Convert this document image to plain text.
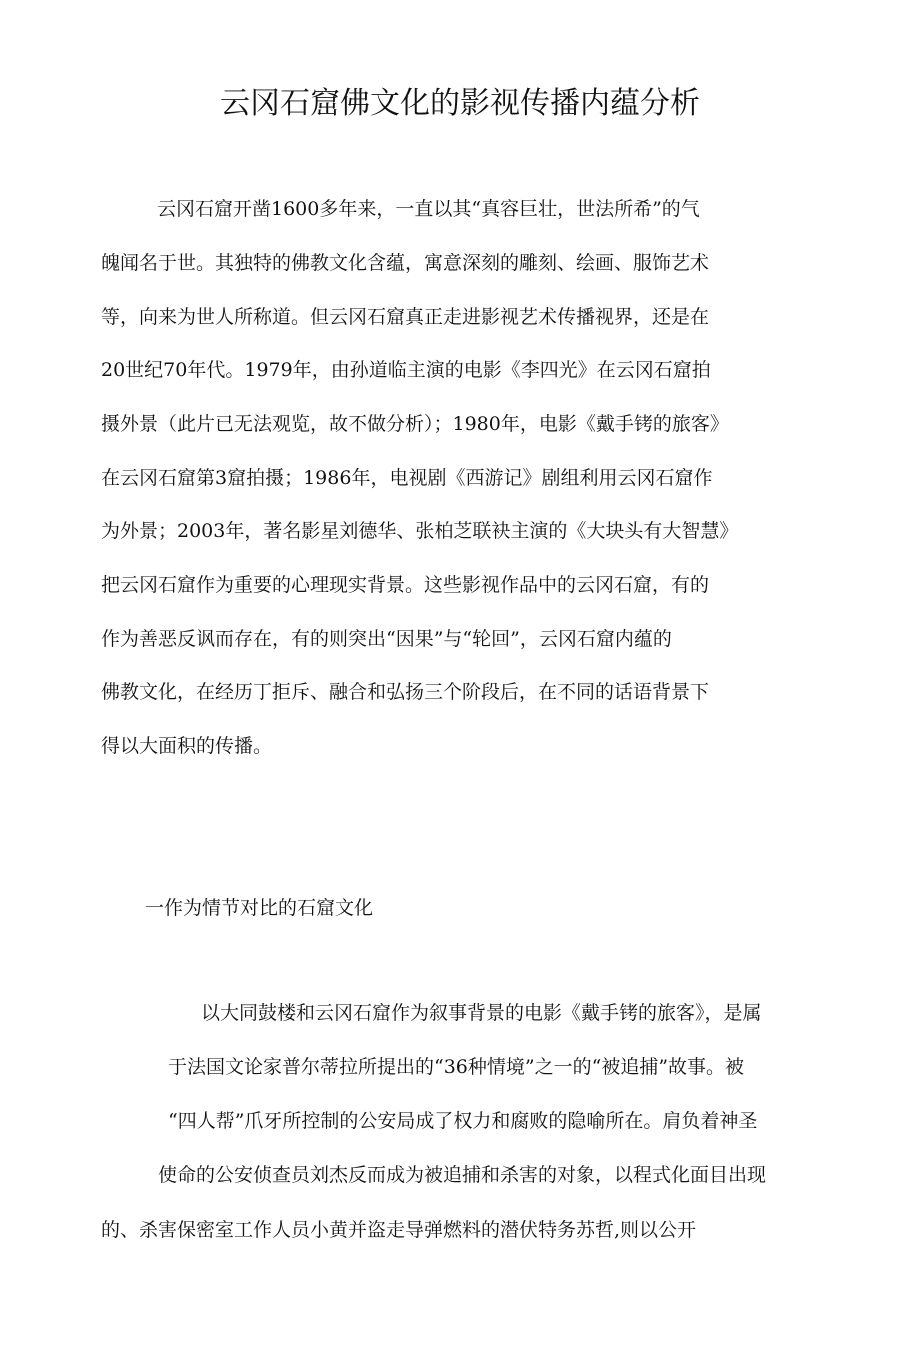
云冈石窟佛文化的影视传播内蕴分析
云冈石窟开凿1600多年来，一直以其“真容巨壮，世法所希”的气
魄闻名于世。其独特的佛教文化含蕴，寓意深刻的雕刻、绘画、服饰艺术
等，向来为世人所称道。但云冈石窟真正走进影视艺术传播视界，还是在
20世纪70年代。1979年，由孙道临主演的电影《李四光》在云冈石窟拍
摄外景（此片已无法观览，故不做分析）；1980年，电影《戴手铐的旅客》
在云冈石窟第3窟拍摄；1986年，电视剧《西游记》剧组利用云冈石窟作
为外景；2003年，著名影星刘德华、张柏芝联袂主演的《大块头有大智慧》
把云冈石窟作为重要的心理现实背景。这些影视作品中的云冈石窟，有的
作为善恶反讽而存在，有的则突出“因果”与“轮回”，云冈石窟内蕴的
佛教文化，在经历丁拒斥、融合和弘扬三个阶段后，在不同的话语背景下
得以大面积的传播。
一作为情节对比的石窟文化
以大同鼓楼和云冈石窟作为叙事背景的电影《戴手铐的旅客》，是属
于法国文论家普尔蒂拉所提出的“36种情境”之一的“被追捕”故事。被
“四人帮”爪牙所控制的公安局成了权力和腐败的隐喻所在。肩负着神圣
使命的公安侦查员刘杰反而成为被追捕和杀害的对象，以程式化面目出现
的、杀害保密室工作人员小黄并盗走导弹燃料的潜伏特务苏哲,则以公开
